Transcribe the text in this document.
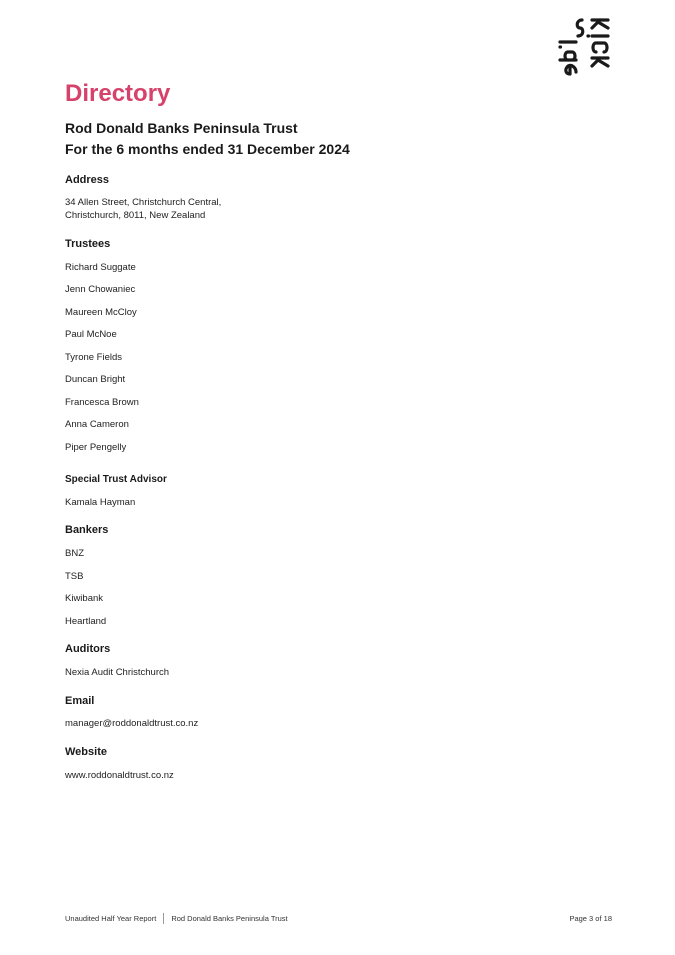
Directory
Rod Donald Banks Peninsula Trust
For the 6 months ended 31 December 2024
Address
34 Allen Street, Christchurch Central,
Christchurch, 8011, New Zealand
Trustees

Richard Suggate

Jenn Chowaniec

Maureen McCloy

Paul McNoe

Tyrone Fields

Duncan Bright

Francesca Brown

Anna Cameron

Piper Pengelly

Special Trust Advisor

Kamala Hayman

Bankers

BNZ

TSB

Kiwibank

Heartland

Auditors

Nexia Audit Christchurch

Email

manager@roddonaldtrust.co.nz

Website

www.roddonaldtrust.co.nz

Unaudited Half Year Report Rod Donald Banks Peninsula Trust	Page 3 of 18
